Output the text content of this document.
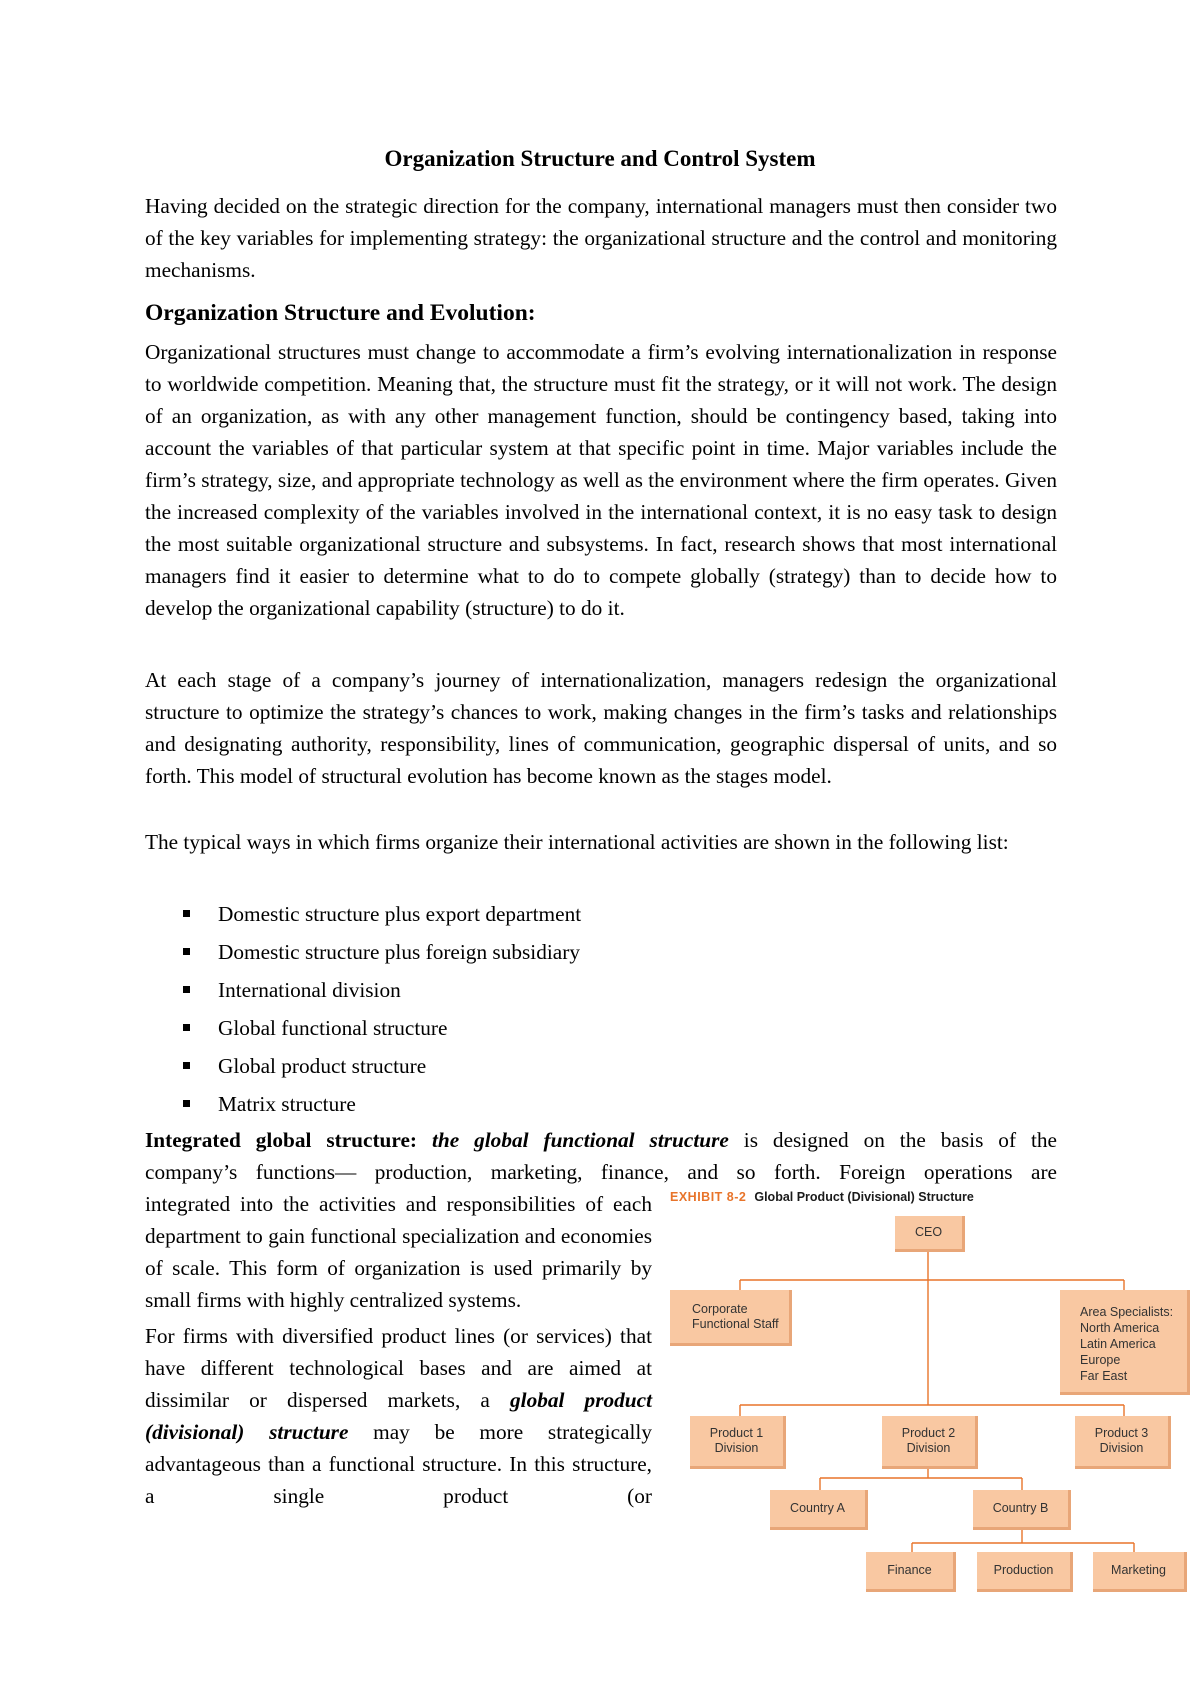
Organization Structure and Control System

Having decided on the strategic direction for the company, international managers must then consider two of the key variables for implementing strategy: the organizational structure and the control and monitoring mechanisms.

Organization Structure and Evolution:

Organizational structures must change to accommodate a firm’s evolving internationalization in response to worldwide competition. Meaning that, the structure must fit the strategy, or it will not work. The design of an organization, as with any other management function, should be contingency based, taking into account the variables of that particular system at that specific point in time. Major variables include the firm’s strategy, size, and appropriate technology as well as the environment where the firm operates. Given the increased complexity of the variables involved in the international context, it is no easy task to design the most suitable organizational structure and subsystems. In fact, research shows that most international managers find it easier to determine what to do to compete globally (strategy) than to decide how to develop the organizational capability (structure) to do it.

At each stage of a company’s journey of internationalization, managers redesign the organizational structure to optimize the strategy’s chances to work, making changes in the firm’s tasks and relationships and designating authority, responsibility, lines of communication, geographic dispersal of units, and so forth. This model of structural evolution has become known as the stages model.

The typical ways in which firms organize their international activities are shown in the following list:

Domestic structure plus export department
Domestic structure plus foreign subsidiary
International division
Global functional structure
Global product structure
Matrix structure

Integrated global structure: the global functional structure is designed on the basis of the

company’s functions— production, marketing, finance, and so forth. Foreign operations are

integrated into the activities and responsibilities of each department to gain functional specialization and economies of scale. This form of organization is used primarily by small firms with highly centralized systems.

For firms with diversified product lines (or services) that have different technological bases and are aimed at dissimilar or dispersed markets, a global product (divisional) structure may be more strategically advantageous than a functional structure. In this structure, a single product (or

EXHIBIT 8-2 Global Product (Divisional) Structure
CEO
Corporate
Functional Staff
Area Specialists:
North America
Latin America
Europe
Far East
Product 1
Division
Product 2
Division
Product 3
Division
Country A	Country B
Finance	Production	Marketing
